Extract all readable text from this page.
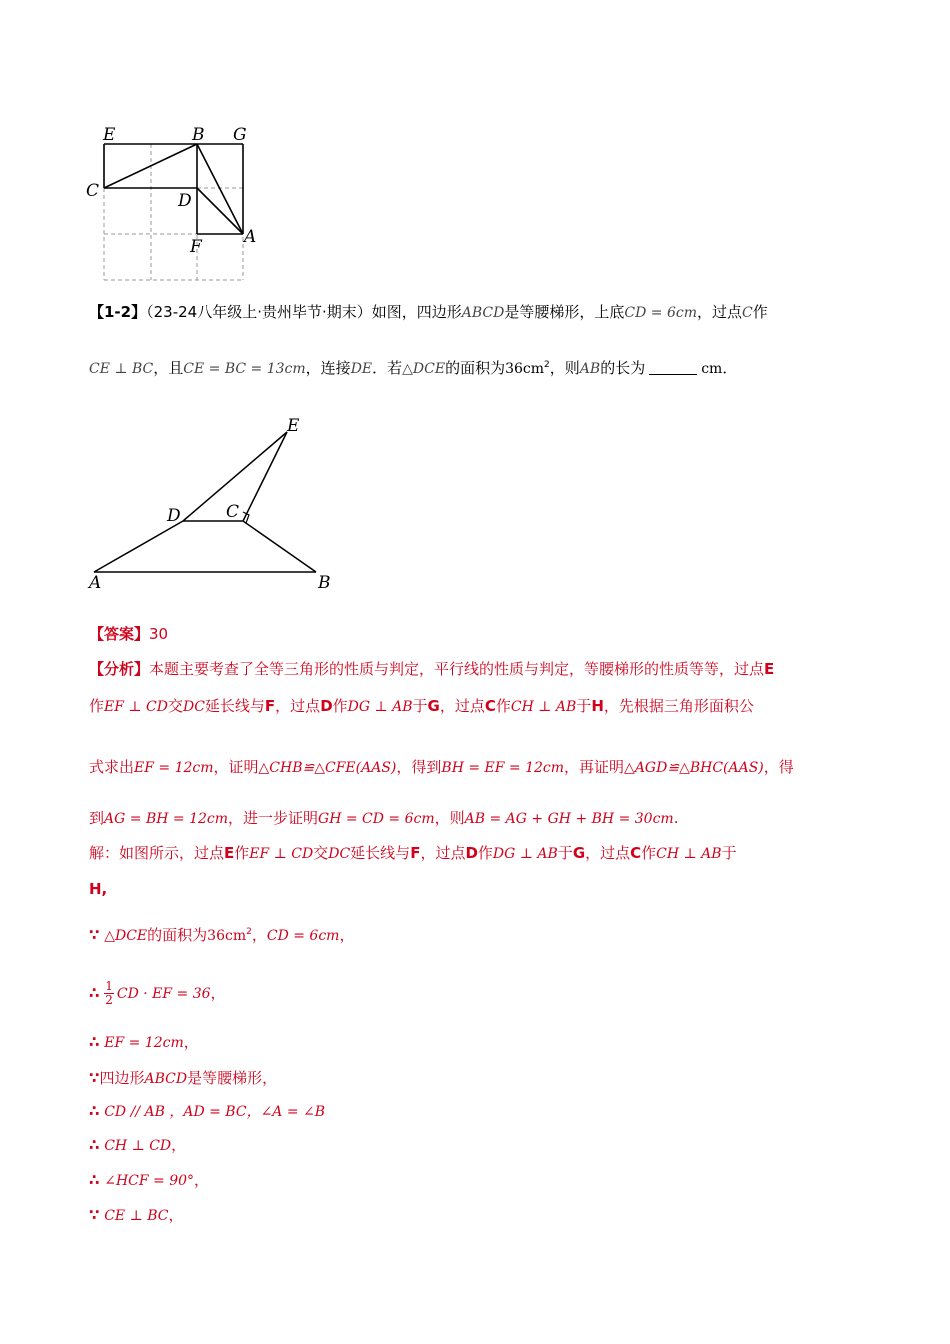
E	B G
C	D
F A
【1-2】（23-24八年级上·贵州毕节·期末）如图，四边形ABCD是等腰梯形，上底CD = 6cm，过点C作
CE ⊥ BC，且CE = BC = 13cm，连接DE．若△DCE的面积为$36cm^2$，则AB的长为	cm．
E
D	C
A	B
【答案】30
【分析】本题主要考查了全等三角形的性质与判定，平行线的性质与判定，等腰梯形的性质等等，过点E
作EF ⊥ CD交DC延长线与F，过点D作DG ⊥ AB于G，过点C作CH ⊥ AB于H，先根据三角形面积公
式求出EF = 12cm，证明△CHB≌△CFE(AAS)，得到BH = EF = 12cm，再证明△AGD≌△BHC(AAS)，得
到AG = BH = 12cm，进一步证明GH = CD = 6cm，则AB = AG + GH + BH = 30cm.
解：如图所示，过点E作EF ⊥ CD交DC延长线与F，过点D作DG ⊥ AB于G，过点C作CH ⊥ AB于
H,
∵ △DCE的面积为$36cm^2$，CD = 6cm，
∴ $\frac{1}{2}$ CD · EF = 36，
∴ EF = 12cm，
∵四边形ABCD是等腰梯形，
∴ CD // AB ，AD = BC，∠A = ∠B
∴ CH ⊥ CD，
∴ ∠HCF = 90°，
∵ CE ⊥ BC，
